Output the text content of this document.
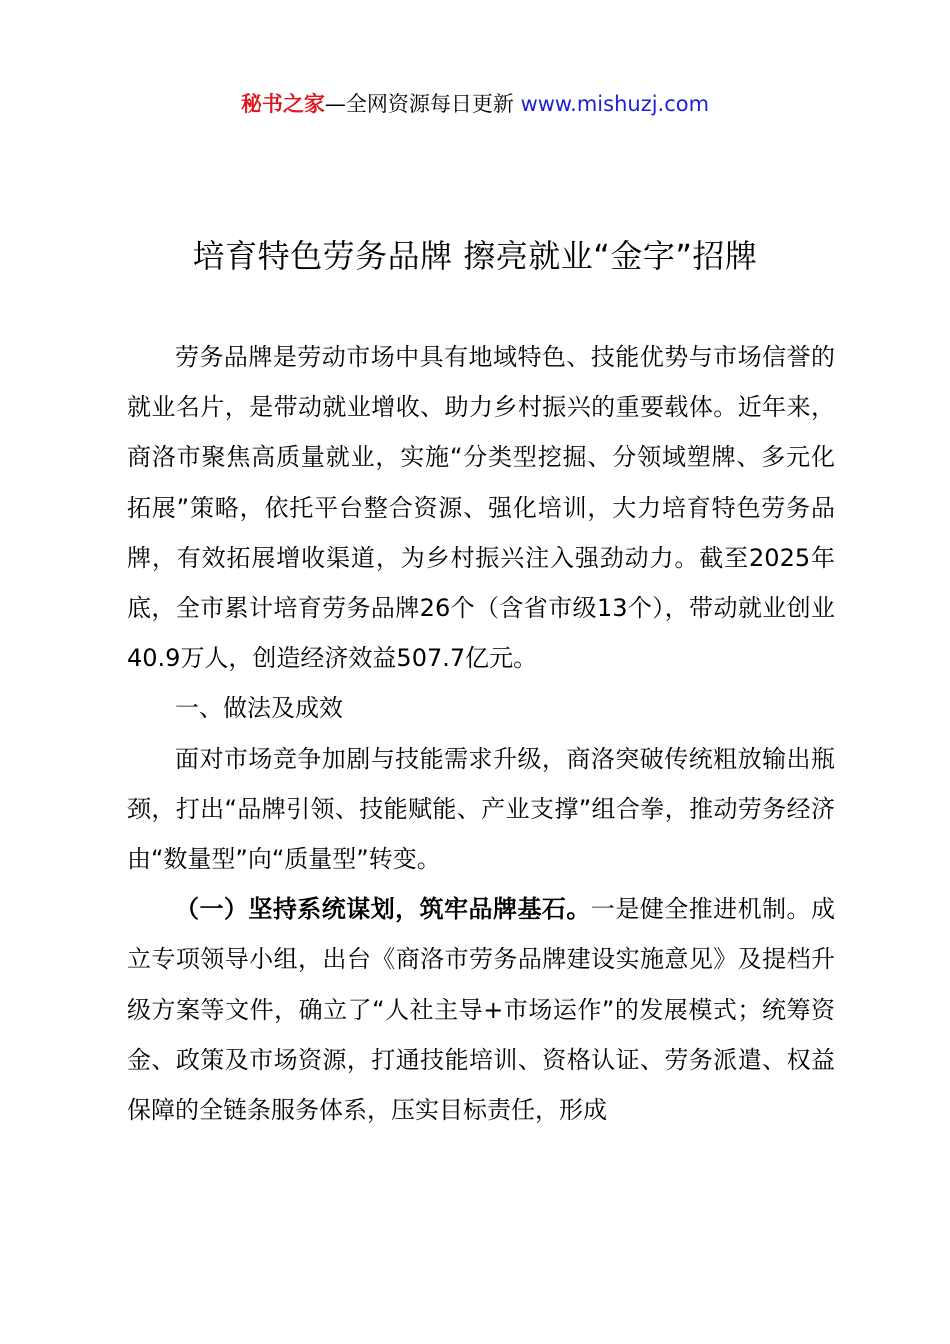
秘书之家—全网资源每日更新 www.mishuzj.com
培育特色劳务品牌 擦亮就业“金字”招牌

劳务品牌是劳动市场中具有地域特色、技能优势与市场信誉的就业名片，是带动就业增收、助力乡村振兴的重要载体。近年来，商洛市聚焦高质量就业，实施“分类型挖掘、分领域塑牌、多元化拓展”策略，依托平台整合资源、强化培训，大力培育特色劳务品牌，有效拓展增收渠道，为乡村振兴注入强劲动力。截至2025年底，全市累计培育劳务品牌26个（含省市级13个），带动就业创业40.9万人，创造经济效益507.7亿元。

一、做法及成效

面对市场竞争加剧与技能需求升级，商洛突破传统粗放输出瓶颈，打出“品牌引领、技能赋能、产业支撑”组合拳，推动劳务经济由“数量型”向“质量型”转变。

（一）坚持系统谋划，筑牢品牌基石。一是健全推进机制。成立专项领导小组，出台《商洛市劳务品牌建设实施意见》及提档升级方案等文件，确立了“人社主导+市场运作”的发展模式；统筹资金、政策及市场资源，打通技能培训、资格认证、劳务派遣、权益保障的全链条服务体系，压实目标责任，形成
